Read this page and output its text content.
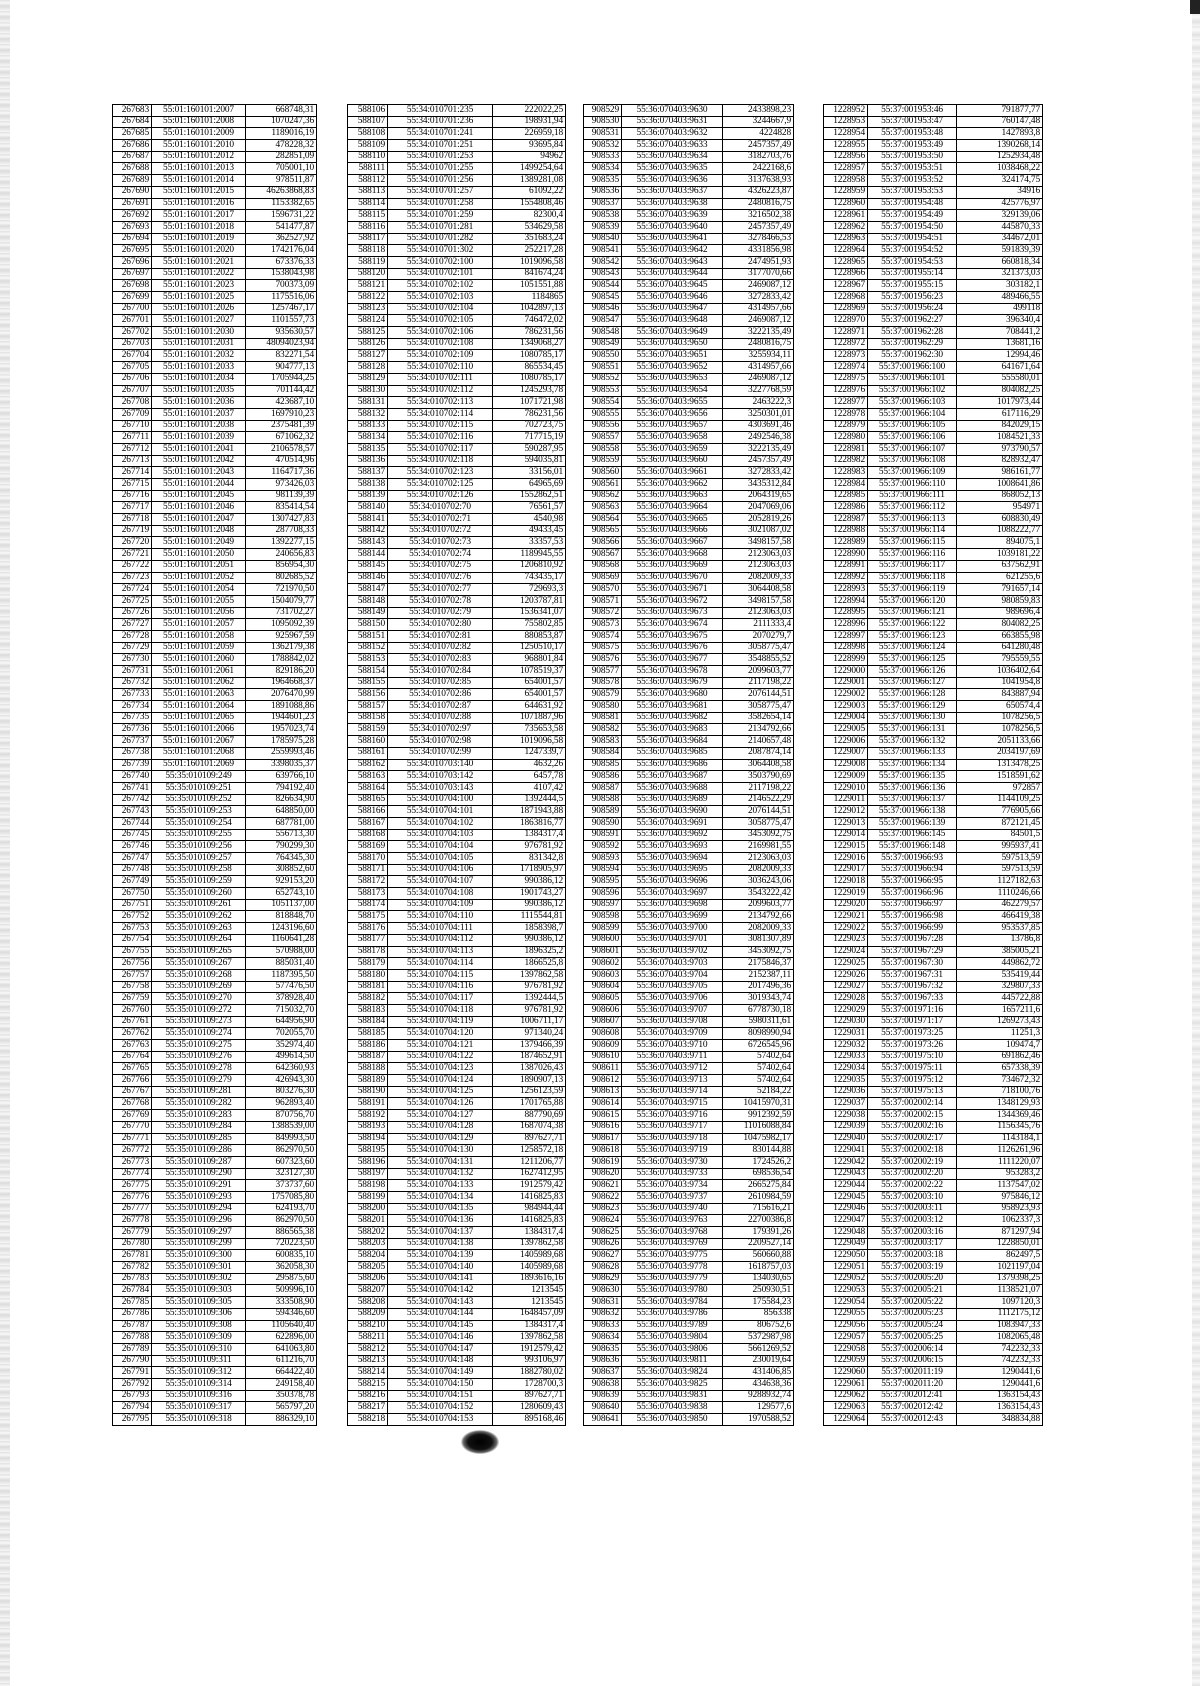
267683	55:01:160101:2007	668748,31
267684	55:01:160101:2008	1070247,36
267685	55:01:160101:2009	1189016,19
267686	55:01:160101:2010	478228,32
267687	55:01:160101:2012	282851,09
267688	55:01:160101:2013	705001,10
267689	55:01:160101:2014	978511,87
267690	55:01:160101:2015	46263868,83
267691	55:01:160101:2016	1153382,65
267692	55:01:160101:2017	1596731,22
267693	55:01:160101:2018	541477,87
267694	55:01:160101:2019	362527,92
267695	55:01:160101:2020	1742176,04
267696	55:01:160101:2021	673376,33
267697	55:01:160101:2022	1538043,98
267698	55:01:160101:2023	700373,09
267699	55:01:160101:2025	1175516,06
267700	55:01:160101:2026	1257467,17
267701	55:01:160101:2027	1101557,73
267702	55:01:160101:2030	935630,57
267703	55:01:160101:2031	48094023,94
267704	55:01:160101:2032	832271,54
267705	55:01:160101:2033	904777,13
267706	55:01:160101:2034	1705944,25
267707	55:01:160101:2035	701144,42
267708	55:01:160101:2036	423687,10
267709	55:01:160101:2037	1697910,23
267710	55:01:160101:2038	2375481,39
267711	55:01:160101:2039	671062,32
267712	55:01:160101:2041	2106578,57
267713	55:01:160101:2042	470514,96
267714	55:01:160101:2043	1164717,36
267715	55:01:160101:2044	973426,03
267716	55:01:160101:2045	981139,39
267717	55:01:160101:2046	835414,54
267718	55:01:160101:2047	1307427,83
267719	55:01:160101:2048	287708,33
267720	55:01:160101:2049	1392277,15
267721	55:01:160101:2050	240656,83
267722	55:01:160101:2051	856954,30
267723	55:01:160101:2052	802685,52
267724	55:01:160101:2054	721970,50
267725	55:01:160101:2055	1504079,77
267726	55:01:160101:2056	731702,27
267727	55:01:160101:2057	1095092,39
267728	55:01:160101:2058	925967,59
267729	55:01:160101:2059	1362179,38
267730	55:01:160101:2060	1788842,02
267731	55:01:160101:2061	829186,20
267732	55:01:160101:2062	1964668,37
267733	55:01:160101:2063	2076470,99
267734	55:01:160101:2064	1891088,86
267735	55:01:160101:2065	1944601,23
267736	55:01:160101:2066	1957023,74
267737	55:01:160101:2067	1785975,28
267738	55:01:160101:2068	2559993,46
267739	55:01:160101:2069	3398035,37
267740	55:35:010109:249	639766,10
267741	55:35:010109:251	794192,40
267742	55:35:010109:252	826634,90
267743	55:35:010109:253	648850,00
267744	55:35:010109:254	687781,00
267745	55:35:010109:255	556713,30
267746	55:35:010109:256	790299,30
267747	55:35:010109:257	764345,30
267748	55:35:010109:258	308852,60
267749	55:35:010109:259	929153,20
267750	55:35:010109:260	652743,10
267751	55:35:010109:261	1051137,00
267752	55:35:010109:262	818848,70
267753	55:35:010109:263	1243196,60
267754	55:35:010109:264	1160641,28
267755	55:35:010109:265	570988,00
267756	55:35:010109:267	885031,40
267757	55:35:010109:268	1187395,50
267758	55:35:010109:269	577476,50
267759	55:35:010109:270	378928,40
267760	55:35:010109:272	715032,70
267761	55:35:010109:273	644956,90
267762	55:35:010109:274	702055,70
267763	55:35:010109:275	352974,40
267764	55:35:010109:276	499614,50
267765	55:35:010109:278	642360,93
267766	55:35:010109:279	426943,30
267767	55:35:010109:281	803276,30
267768	55:35:010109:282	962893,40
267769	55:35:010109:283	870756,70
267770	55:35:010109:284	1388539,00
267771	55:35:010109:285	849993,50
267772	55:35:010109:286	862970,50
267773	55:35:010109:287	607323,60
267774	55:35:010109:290	323127,30
267775	55:35:010109:291	373737,60
267776	55:35:010109:293	1757085,80
267777	55:35:010109:294	624193,70
267778	55:35:010109:296	862970,50
267779	55:35:010109:297	886565,38
267780	55:35:010109:299	720223,50
267781	55:35:010109:300	600835,10
267782	55:35:010109:301	362058,30
267783	55:35:010109:302	295875,60
267784	55:35:010109:303	509996,10
267785	55:35:010109:305	333508,90
267786	55:35:010109:306	594346,60
267787	55:35:010109:308	1105640,40
267788	55:35:010109:309	622896,00
267789	55:35:010109:310	641063,80
267790	55:35:010109:311	611216,70
267791	55:35:010109:312	664422,40
267792	55:35:010109:314	249158,40
267793	55:35:010109:316	350378,78
267794	55:35:010109:317	565797,20
267795	55:35:010109:318	886329,10
588106	55:34:010701:235	222022,25
588107	55:34:010701:236	198931,94
588108	55:34:010701:241	226959,18
588109	55:34:010701:251	93695,84
588110	55:34:010701:253	94962
588111	55:34:010701:255	1499254,64
588112	55:34:010701:256	1389281,08
588113	55:34:010701:257	61092,22
588114	55:34:010701:258	1554808,46
588115	55:34:010701:259	82300,4
588116	55:34:010701:281	534629,58
588117	55:34:010701:282	351683,24
588118	55:34:010701:302	252217,28
588119	55:34:010702:100	1019096,58
588120	55:34:010702:101	841674,24
588121	55:34:010702:102	1051551,88
588122	55:34:010702:103	1184865
588123	55:34:010702:104	1042897,13
588124	55:34:010702:105	746472,02
588125	55:34:010702:106	786231,56
588126	55:34:010702:108	1349068,27
588127	55:34:010702:109	1080785,17
588128	55:34:010702:110	865534,45
588129	55:34:010702:111	1080785,17
588130	55:34:010702:112	1245293,78
588131	55:34:010702:113	1071721,98
588132	55:34:010702:114	786231,56
588133	55:34:010702:115	702723,75
588134	55:34:010702:116	717715,19
588135	55:34:010702:117	590287,95
588136	55:34:010702:118	594035,81
588137	55:34:010702:123	33156,01
588138	55:34:010702:125	64965,69
588139	55:34:010702:126	1552862,51
588140	55:34:010702:70	76561,57
588141	55:34:010702:71	4540,98
588142	55:34:010702:72	49433,45
588143	55:34:010702:73	33357,53
588144	55:34:010702:74	1189945,55
588145	55:34:010702:75	1206810,92
588146	55:34:010702:76	743435,17
588147	55:34:010702:77	729693,3
588148	55:34:010702:78	1203787,81
588149	55:34:010702:79	1536341,07
588150	55:34:010702:80	755802,85
588151	55:34:010702:81	880853,87
588152	55:34:010702:82	1250510,17
588153	55:34:010702:83	968801,84
588154	55:34:010702:84	1078519,37
588155	55:34:010702:85	654001,57
588156	55:34:010702:86	654001,57
588157	55:34:010702:87	644631,92
588158	55:34:010702:88	1071887,96
588159	55:34:010702:97	735653,58
588160	55:34:010702:98	1019096,58
588161	55:34:010702:99	1247339,7
588162	55:34:010703:140	4632,26
588163	55:34:010703:142	6457,78
588164	55:34:010703:143	4107,42
588165	55:34:010704:100	1392444,5
588166	55:34:010704:101	1871943,88
588167	55:34:010704:102	1863816,77
588168	55:34:010704:103	1384317,4
588169	55:34:010704:104	976781,92
588170	55:34:010704:105	831342,8
588171	55:34:010704:106	1718905,97
588172	55:34:010704:107	990386,12
588173	55:34:010704:108	1901743,27
588174	55:34:010704:109	990386,12
588175	55:34:010704:110	1115544,81
588176	55:34:010704:111	1858398,7
588177	55:34:010704:112	990386,12
588178	55:34:010704:113	1896325,2
588179	55:34:010704:114	1866525,8
588180	55:34:010704:115	1397862,58
588181	55:34:010704:116	976781,92
588182	55:34:010704:117	1392444,5
588183	55:34:010704:118	976781,92
588184	55:34:010704:119	1006711,17
588185	55:34:010704:120	971340,24
588186	55:34:010704:121	1379466,39
588187	55:34:010704:122	1874652,91
588188	55:34:010704:123	1387026,43
588189	55:34:010704:124	1890907,13
588190	55:34:010704:125	1256123,59
588191	55:34:010704:126	1701765,88
588192	55:34:010704:127	887790,69
588193	55:34:010704:128	1687074,38
588194	55:34:010704:129	897627,71
588195	55:34:010704:130	1258572,18
588196	55:34:010704:131	1211206,77
588197	55:34:010704:132	1627412,95
588198	55:34:010704:133	1912579,42
588199	55:34:010704:134	1416825,83
588200	55:34:010704:135	984944,44
588201	55:34:010704:136	1416825,83
588202	55:34:010704:137	1384317,4
588203	55:34:010704:138	1397862,58
588204	55:34:010704:139	1405989,68
588205	55:34:010704:140	1405989,68
588206	55:34:010704:141	1893616,16
588207	55:34:010704:142	1213545
588208	55:34:010704:143	1213545
588209	55:34:010704:144	1648457,09
588210	55:34:010704:145	1384317,4
588211	55:34:010704:146	1397862,58
588212	55:34:010704:147	1912579,42
588213	55:34:010704:148	993106,97
588214	55:34:010704:149	1882780,02
588215	55:34:010704:150	1728700,3
588216	55:34:010704:151	897627,71
588217	55:34:010704:152	1280609,43
588218	55:34:010704:153	895168,46
908529	55:36:070403:9630	2433898,23
908530	55:36:070403:9631	3244667,9
908531	55:36:070403:9632	4224828
908532	55:36:070403:9633	2457357,49
908533	55:36:070403:9634	3182703,76
908534	55:36:070403:9635	2422168,6
908535	55:36:070403:9636	3137638,93
908536	55:36:070403:9637	4326223,87
908537	55:36:070403:9638	2480816,75
908538	55:36:070403:9639	3216502,38
908539	55:36:070403:9640	2457357,49
908540	55:36:070403:9641	3278466,53
908541	55:36:070403:9642	4331856,98
908542	55:36:070403:9643	2474951,93
908543	55:36:070403:9644	3177070,66
908544	55:36:070403:9645	2469087,12
908545	55:36:070403:9646	3272833,42
908546	55:36:070403:9647	4314957,66
908547	55:36:070403:9648	2469087,12
908548	55:36:070403:9649	3222135,49
908549	55:36:070403:9650	2480816,75
908550	55:36:070403:9651	3255934,11
908551	55:36:070403:9652	4314957,66
908552	55:36:070403:9653	2469087,12
908553	55:36:070403:9654	3227768,59
908554	55:36:070403:9655	2463222,3
908555	55:36:070403:9656	3250301,01
908556	55:36:070403:9657	4303691,46
908557	55:36:070403:9658	2492546,38
908558	55:36:070403:9659	3222135,49
908559	55:36:070403:9660	2457357,49
908560	55:36:070403:9661	3272833,42
908561	55:36:070403:9662	3435312,84
908562	55:36:070403:9663	2064319,65
908563	55:36:070403:9664	2047069,06
908564	55:36:070403:9665	2052819,26
908565	55:36:070403:9666	3021087,02
908566	55:36:070403:9667	3498157,58
908567	55:36:070403:9668	2123063,03
908568	55:36:070403:9669	2123063,03
908569	55:36:070403:9670	2082009,33
908570	55:36:070403:9671	3064408,58
908571	55:36:070403:9672	3498157,58
908572	55:36:070403:9673	2123063,03
908573	55:36:070403:9674	2111333,4
908574	55:36:070403:9675	2070279,7
908575	55:36:070403:9676	3058775,47
908576	55:36:070403:9677	3548855,52
908577	55:36:070403:9678	2099603,77
908578	55:36:070403:9679	2117198,22
908579	55:36:070403:9680	2076144,51
908580	55:36:070403:9681	3058775,47
908581	55:36:070403:9682	3582654,14
908582	55:36:070403:9683	2134792,66
908583	55:36:070403:9684	2140657,48
908584	55:36:070403:9685	2087874,14
908585	55:36:070403:9686	3064408,58
908586	55:36:070403:9687	3503790,69
908587	55:36:070403:9688	2117198,22
908588	55:36:070403:9689	2146522,29
908589	55:36:070403:9690	2076144,51
908590	55:36:070403:9691	3058775,47
908591	55:36:070403:9692	3453092,75
908592	55:36:070403:9693	2169981,55
908593	55:36:070403:9694	2123063,03
908594	55:36:070403:9695	2082009,33
908595	55:36:070403:9696	3036243,06
908596	55:36:070403:9697	3543222,42
908597	55:36:070403:9698	2099603,77
908598	55:36:070403:9699	2134792,66
908599	55:36:070403:9700	2082009,33
908600	55:36:070403:9701	3081307,89
908601	55:36:070403:9702	3453092,75
908602	55:36:070403:9703	2175846,37
908603	55:36:070403:9704	2152387,11
908604	55:36:070403:9705	2017496,36
908605	55:36:070403:9706	3019343,74
908606	55:36:070403:9707	6778730,18
908607	55:36:070403:9708	5980311,61
908608	55:36:070403:9709	8098990,94
908609	55:36:070403:9710	6726545,96
908610	55:36:070403:9711	57402,64
908611	55:36:070403:9712	57402,64
908612	55:36:070403:9713	57402,64
908613	55:36:070403:9714	52184,22
908614	55:36:070403:9715	10415970,31
908615	55:36:070403:9716	9912392,59
908616	55:36:070403:9717	11016088,84
908617	55:36:070403:9718	10475982,17
908618	55:36:070403:9719	830144,88
908619	55:36:070403:9730	1724526,2
908620	55:36:070403:9733	698536,54
908621	55:36:070403:9734	2665275,84
908622	55:36:070403:9737	2610984,59
908623	55:36:070403:9740	715616,21
908624	55:36:070403:9763	22700386,8
908625	55:36:070403:9768	179391,26
908626	55:36:070403:9769	2209527,14
908627	55:36:070403:9775	560660,88
908628	55:36:070403:9778	1618757,03
908629	55:36:070403:9779	134030,65
908630	55:36:070403:9780	250930,51
908631	55:36:070403:9784	175584,23
908632	55:36:070403:9786	856338
908633	55:36:070403:9789	806752,6
908634	55:36:070403:9804	5372987,98
908635	55:36:070403:9806	5661269,52
908636	55:36:070403:9811	230019,64
908637	55:36:070403:9824	431406,85
908638	55:36:070403:9825	434638,36
908639	55:36:070403:9831	9288932,74
908640	55:36:070403:9838	129577,6
908641	55:36:070403:9850	1970588,52
1228952	55:37:001953:46	791877,77
1228953	55:37:001953:47	760147,48
1228954	55:37:001953:48	1427893,8
1228955	55:37:001953:49	1390268,14
1228956	55:37:001953:50	1252934,48
1228957	55:37:001953:51	1038468,22
1228958	55:37:001953:52	324174,75
1228959	55:37:001953:53	34916
1228960	55:37:001954:48	425776,97
1228961	55:37:001954:49	329139,06
1228962	55:37:001954:50	445870,33
1228963	55:37:001954:51	344672,01
1228964	55:37:001954:52	591839,39
1228965	55:37:001954:53	660818,34
1228966	55:37:001955:14	321373,03
1228967	55:37:001955:15	303182,1
1228968	55:37:001956:23	489466,55
1228969	55:37:001956:24	499118
1228970	55:37:001962:27	396340,4
1228971	55:37:001962:28	708441,2
1228972	55:37:001962:29	13681,16
1228973	55:37:001962:30	12994,46
1228974	55:37:001966:100	641671,64
1228975	55:37:001966:101	555580,01
1228976	55:37:001966:102	804082,25
1228977	55:37:001966:103	1017973,44
1228978	55:37:001966:104	617116,29
1228979	55:37:001966:105	842029,15
1228980	55:37:001966:106	1084521,33
1228981	55:37:001966:107	973790,57
1228982	55:37:001966:108	828932,47
1228983	55:37:001966:109	986161,77
1228984	55:37:001966:110	1008641,86
1228985	55:37:001966:111	868052,13
1228986	55:37:001966:112	954971
1228987	55:37:001966:113	608830,49
1228988	55:37:001966:114	1088222,77
1228989	55:37:001966:115	894075,1
1228990	55:37:001966:116	1039181,22
1228991	55:37:001966:117	637562,91
1228992	55:37:001966:118	621255,6
1228993	55:37:001966:119	791657,14
1228994	55:37:001966:120	980859,83
1228995	55:37:001966:121	989696,4
1228996	55:37:001966:122	804082,25
1228997	55:37:001966:123	663855,98
1228998	55:37:001966:124	641280,48
1228999	55:37:001966:125	795559,55
1229000	55:37:001966:126	1036402,64
1229001	55:37:001966:127	1041954,8
1229002	55:37:001966:128	843887,94
1229003	55:37:001966:129	650574,4
1229004	55:37:001966:130	1078256,5
1229005	55:37:001966:131	1078256,5
1229006	55:37:001966:132	2051133,66
1229007	55:37:001966:133	2034197,69
1229008	55:37:001966:134	1313478,25
1229009	55:37:001966:135	1518591,62
1229010	55:37:001966:136	972857
1229011	55:37:001966:137	1144109,25
1229012	55:37:001966:138	776905,66
1229013	55:37:001966:139	872121,45
1229014	55:37:001966:145	84501,5
1229015	55:37:001966:148	995937,41
1229016	55:37:001966:93	597513,59
1229017	55:37:001966:94	597513,59
1229018	55:37:001966:95	1127182,63
1229019	55:37:001966:96	1110246,66
1229020	55:37:001966:97	462279,57
1229021	55:37:001966:98	466419,38
1229022	55:37:001966:99	953537,85
1229023	55:37:001967:28	13786,8
1229024	55:37:001967:29	385005,21
1229025	55:37:001967:30	449862,72
1229026	55:37:001967:31	535419,44
1229027	55:37:001967:32	329807,33
1229028	55:37:001967:33	445722,88
1229029	55:37:001971:16	1657211,6
1229030	55:37:001971:17	1269273,43
1229031	55:37:001973:25	11251,3
1229032	55:37:001973:26	109474,7
1229033	55:37:001975:10	691862,46
1229034	55:37:001975:11	657338,39
1229035	55:37:001975:12	734672,32
1229036	55:37:001975:13	718100,76
1229037	55:37:002002:14	1348129,93
1229038	55:37:002002:15	1344369,46
1229039	55:37:002002:16	1156345,76
1229040	55:37:002002:17	1143184,1
1229041	55:37:002002:18	1126261,96
1229042	55:37:002002:19	1111220,07
1229043	55:37:002002:20	953283,2
1229044	55:37:002002:22	1137547,02
1229045	55:37:002003:10	975846,12
1229046	55:37:002003:11	958923,93
1229047	55:37:002003:12	1062337,3
1229048	55:37:002003:16	871297,94
1229049	55:37:002003:17	1228850,01
1229050	55:37:002003:18	862497,5
1229051	55:37:002003:19	1021197,04
1229052	55:37:002005:20	1379398,25
1229053	55:37:002005:21	1138521,07
1229054	55:37:002005:22	1097120,3
1229055	55:37:002005:23	1112175,12
1229056	55:37:002005:24	1083947,33
1229057	55:37:002005:25	1082065,48
1229058	55:37:002006:14	742232,33
1229059	55:37:002006:15	742232,33
1229060	55:37:002011:19	1290441,6
1229061	55:37:002011:20	1290441,6
1229062	55:37:002012:41	1363154,43
1229063	55:37:002012:42	1363154,43
1229064	55:37:002012:43	348834,88
